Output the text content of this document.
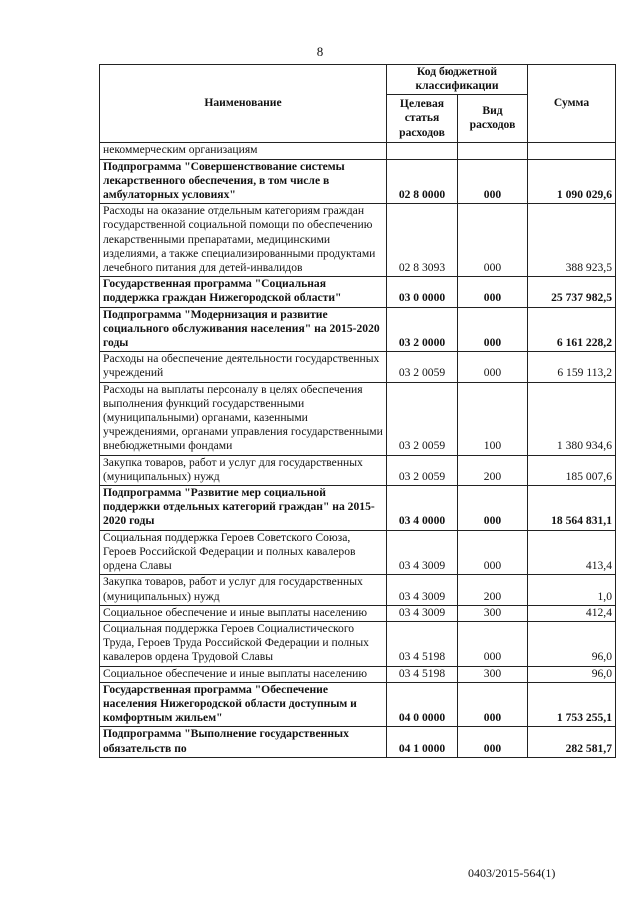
8
Наименование	Код бюджетной классификации		Сумма
	Целевая статья расходов	Вид расходов	
некоммерческим организациям			
Подпрограмма "Совершенствование системы лекарственного обеспечения, в том числе в амбулаторных условиях"	02 8 0000	000	1 090 029,6
Расходы на оказание отдельным категориям граждан государственной социальной помощи по обеспечению лекарственными препаратами, медицинскими изделиями, а также специализированными продуктами лечебного питания для детей-инвалидов	02 8 3093	000	388 923,5
Государственная программа "Социальная поддержка граждан Нижегородской области"	03 0 0000	000	25 737 982,5
Подпрограмма "Модернизация и развитие социального обслуживания населения" на 2015-2020 годы	03 2 0000	000	6 161 228,2
Расходы на обеспечение деятельности государственных учреждений	03 2 0059	000	6 159 113,2
Расходы на выплаты персоналу в целях обеспечения выполнения функций государственными (муниципальными) органами, казенными учреждениями, органами управления государственными внебюджетными фондами	03 2 0059	100	1 380 934,6
Закупка товаров, работ и услуг для государственных (муниципальных) нужд	03 2 0059	200	185 007,6
Подпрограмма "Развитие мер социальной поддержки отдельных категорий граждан" на 2015-2020 годы	03 4 0000	000	18 564 831,1
Социальная поддержка Героев Советского Союза, Героев Российской Федерации и полных кавалеров ордена Славы	03 4 3009	000	413,4
Закупка товаров, работ и услуг для государственных (муниципальных) нужд	03 4 3009	200	1,0
Социальное обеспечение и иные выплаты населению	03 4 3009	300	412,4
Социальная поддержка Героев Социалистического Труда, Героев Труда Российской Федерации и полных кавалеров ордена Трудовой Славы	03 4 5198	000	96,0
Социальное обеспечение и иные выплаты населению	03 4 5198	300	96,0
Государственная программа "Обеспечение населения Нижегородской области доступным и комфортным жильем"	04 0 0000	000	1 753 255,1
Подпрограмма "Выполнение государственных обязательств по	04 1 0000	000	282 581,7
0403/2015-564(1)
